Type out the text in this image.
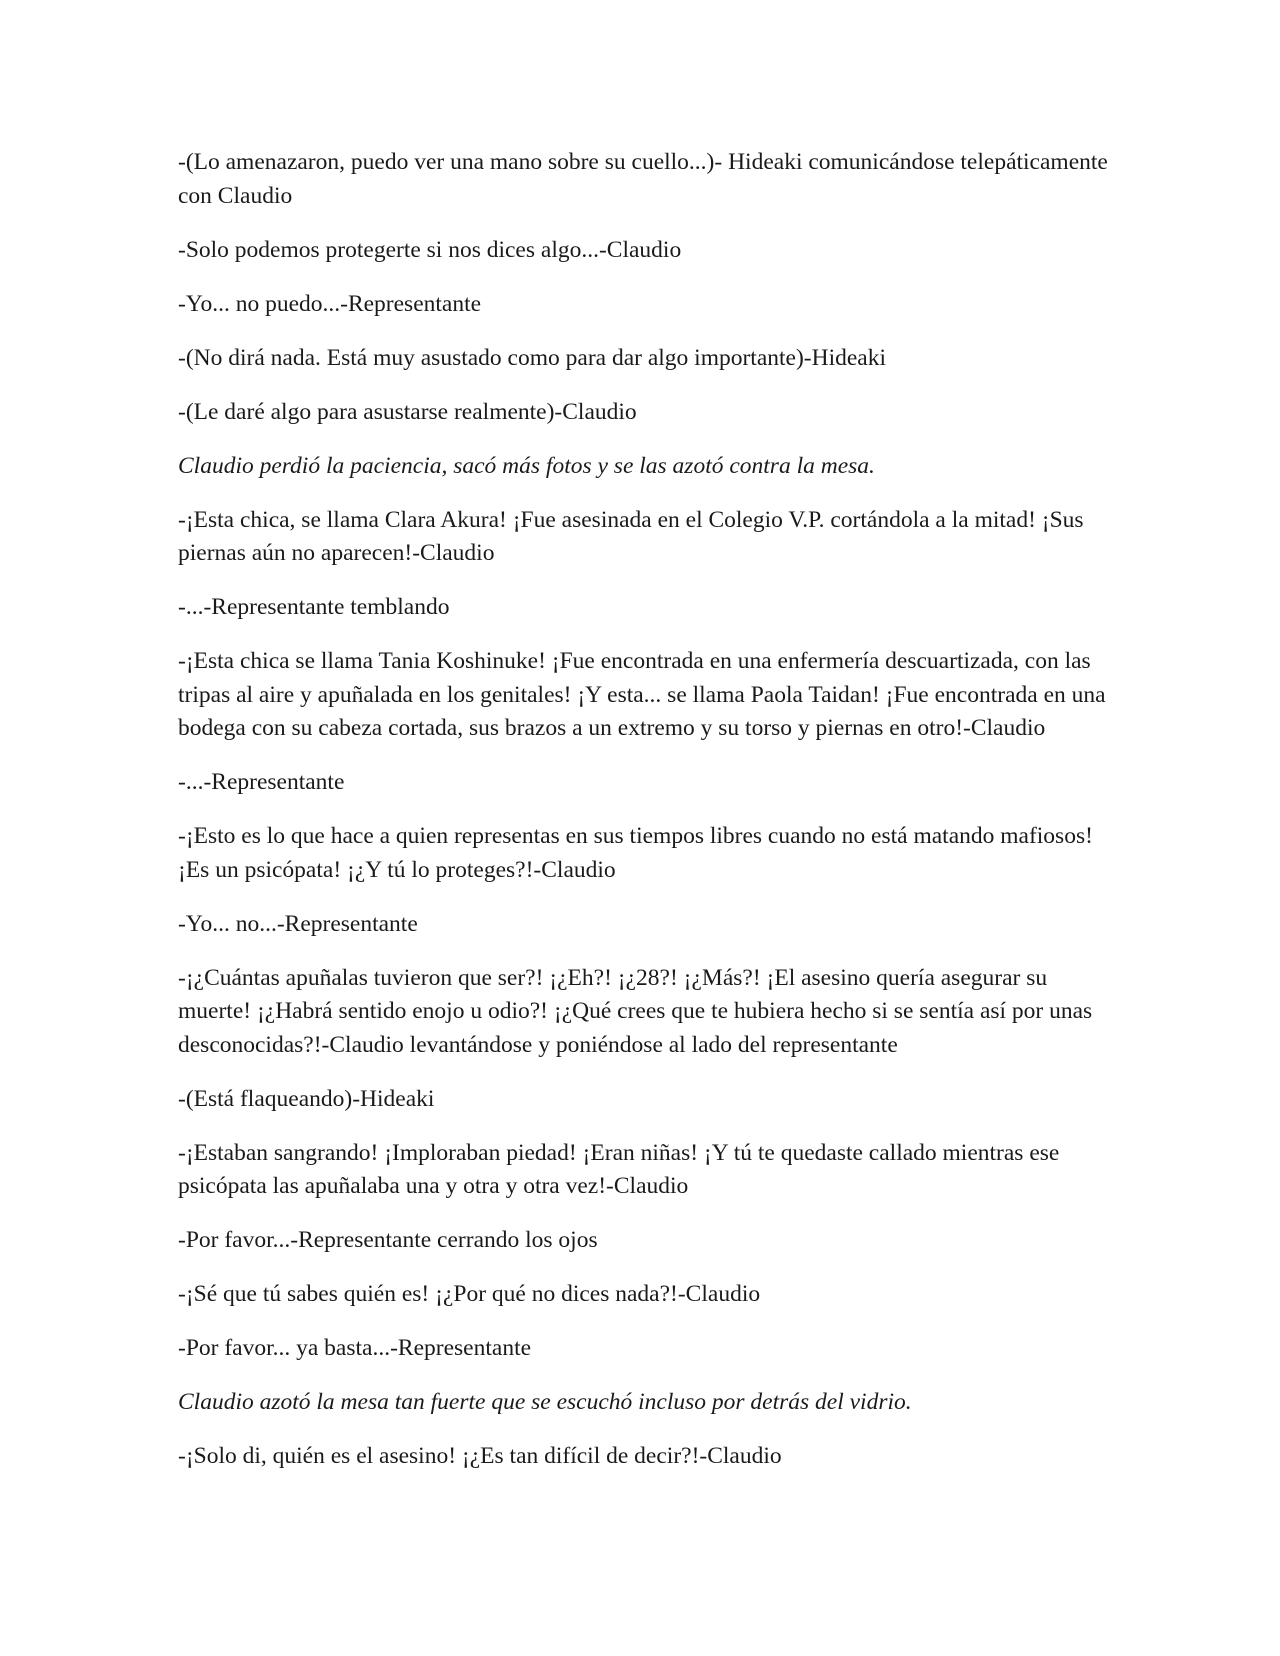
-(Lo amenazaron, puedo ver una mano sobre su cuello...)- Hideaki comunicándose telepáticamente con Claudio

-Solo podemos protegerte si nos dices algo...-Claudio

-Yo... no puedo...-Representante

-(No dirá nada. Está muy asustado como para dar algo importante)-Hideaki

-(Le daré algo para asustarse realmente)-Claudio

Claudio perdió la paciencia, sacó más fotos y se las azotó contra la mesa.

-¡Esta chica, se llama Clara Akura! ¡Fue asesinada en el Colegio V.P. cortándola a la mitad! ¡Sus piernas aún no aparecen!-Claudio

-...-Representante temblando

-¡Esta chica se llama Tania Koshinuke! ¡Fue encontrada en una enfermería descuartizada, con las tripas al aire y apuñalada en los genitales! ¡Y esta... se llama Paola Taidan! ¡Fue encontrada en una bodega con su cabeza cortada, sus brazos a un extremo y su torso y piernas en otro!-Claudio

-...-Representante

-¡Esto es lo que hace a quien representas en sus tiempos libres cuando no está matando mafiosos! ¡Es un psicópata! ¡¿Y tú lo proteges?!-Claudio

-Yo... no...-Representante

-¡¿Cuántas apuñalas tuvieron que ser?! ¡¿Eh?! ¡¿28?! ¡¿Más?! ¡El asesino quería asegurar su muerte! ¡¿Habrá sentido enojo u odio?! ¡¿Qué crees que te hubiera hecho si se sentía así por unas desconocidas?!-Claudio levantándose y poniéndose al lado del representante

-(Está flaqueando)-Hideaki

-¡Estaban sangrando! ¡Imploraban piedad! ¡Eran niñas! ¡Y tú te quedaste callado mientras ese psicópata las apuñalaba una y otra y otra vez!-Claudio

-Por favor...-Representante cerrando los ojos

-¡Sé que tú sabes quién es! ¡¿Por qué no dices nada?!-Claudio

-Por favor... ya basta...-Representante

Claudio azotó la mesa tan fuerte que se escuchó incluso por detrás del vidrio.

-¡Solo di, quién es el asesino! ¡¿Es tan difícil de decir?!-Claudio
